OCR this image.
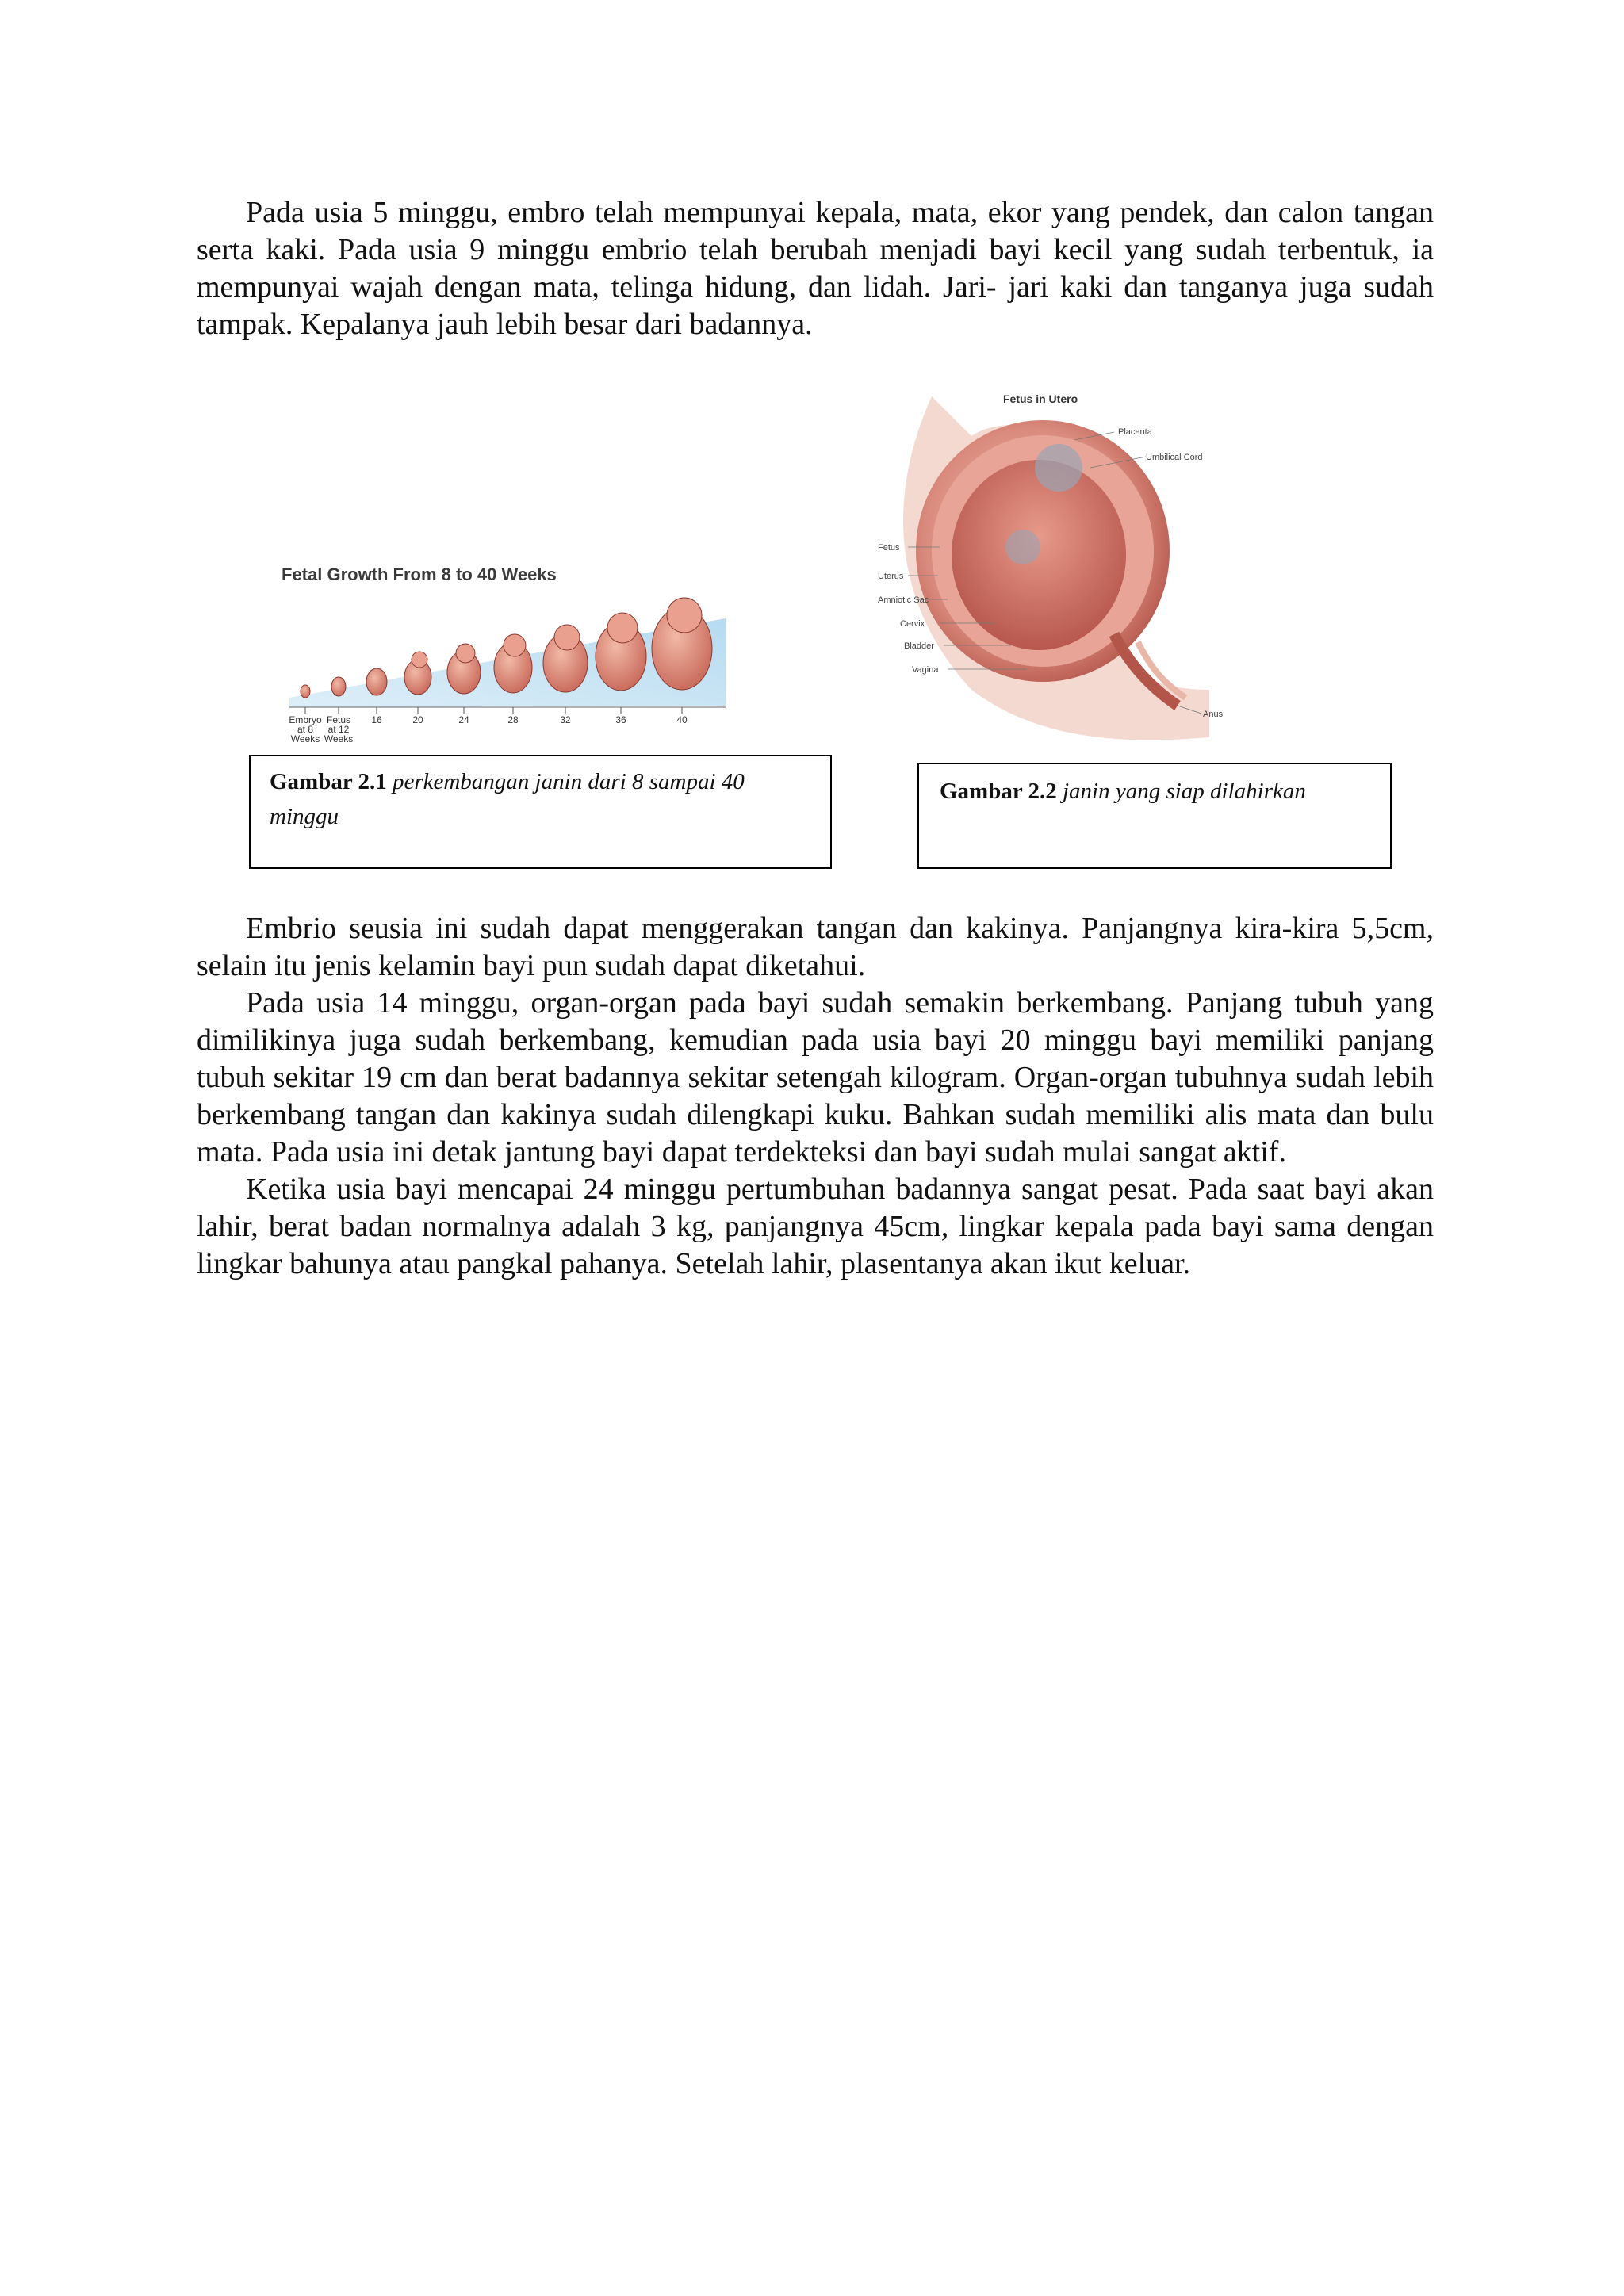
Pada usia 5 minggu, embro telah mempunyai kepala, mata, ekor yang pendek, dan calon tangan serta kaki. Pada usia 9 minggu embrio telah berubah menjadi bayi kecil yang sudah terbentuk, ia mempunyai wajah dengan mata, telinga hidung, dan lidah. Jari- jari kaki dan tanganya juga sudah tampak. Kepalanya jauh lebih besar dari badannya.

Embryo
at 8
Weeks
Fetus
at 12
Weeks
16	20	24	28	32	36	40
Fetal Growth From 8 to 40 Weeks
Fetus in Utero
Placenta
Umbilical Cord
Fetus
Uterus
Amniotic Sac
Cervix
Bladder
Vagina
Anus
Gambar 2.1 perkembangan janin dari 8 sampai 40 minggu
Gambar 2.2 janin yang siap dilahirkan

Embrio seusia ini sudah dapat menggerakan tangan dan kakinya. Panjangnya kira-kira 5,5cm, selain itu jenis kelamin bayi pun sudah dapat diketahui.

Pada usia 14 minggu, organ-organ pada bayi sudah semakin berkembang. Panjang tubuh yang dimilikinya juga sudah berkembang, kemudian pada usia bayi 20 minggu bayi memiliki panjang tubuh sekitar 19 cm dan berat badannya sekitar setengah kilogram. Organ-organ tubuhnya sudah lebih berkembang tangan dan kakinya sudah dilengkapi kuku. Bahkan sudah memiliki alis mata dan bulu mata. Pada usia ini detak jantung bayi dapat terdekteksi dan bayi sudah mulai sangat aktif.

Ketika usia bayi mencapai 24 minggu pertumbuhan badannya sangat pesat. Pada saat bayi akan lahir, berat badan normalnya adalah 3 kg, panjangnya 45cm, lingkar kepala pada bayi sama dengan lingkar bahunya atau pangkal pahanya. Setelah lahir, plasentanya akan ikut keluar.
